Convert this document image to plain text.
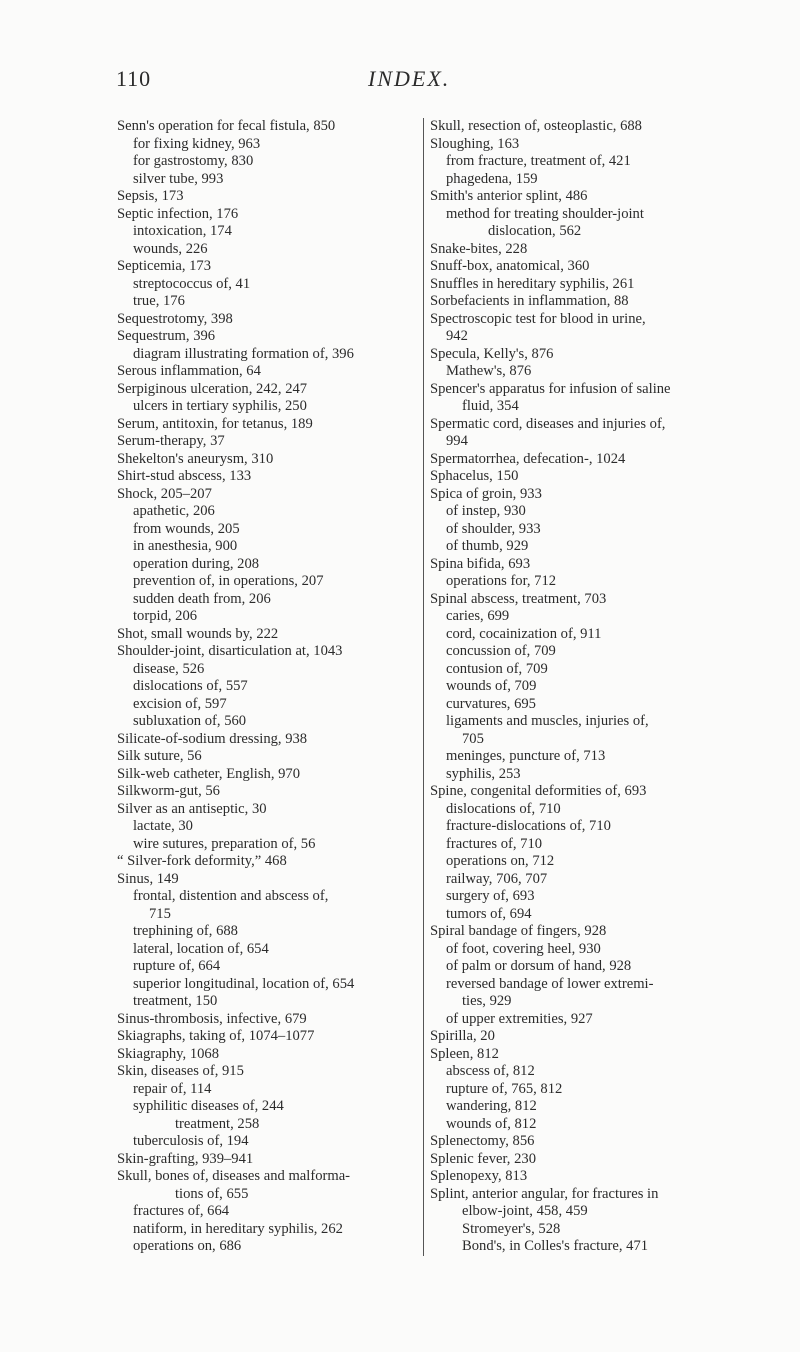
110	INDEX.
Senn's operation for fecal fistula, 850
for fixing kidney, 963
for gastrostomy, 830
silver tube, 993
Sepsis, 173
Septic infection, 176
intoxication, 174
wounds, 226
Septicemia, 173
streptococcus of, 41
true, 176
Sequestrotomy, 398
Sequestrum, 396
diagram illustrating formation of, 396
Serous inflammation, 64
Serpiginous ulceration, 242, 247
ulcers in tertiary syphilis, 250
Serum, antitoxin, for tetanus, 189
Serum-therapy, 37
Shekelton's aneurysm, 310
Shirt-stud abscess, 133
Shock, 205–207
apathetic, 206
from wounds, 205
in anesthesia, 900
operation during, 208
prevention of, in operations, 207
sudden death from, 206
torpid, 206
Shot, small wounds by, 222
Shoulder-joint, disarticulation at, 1043
disease, 526
dislocations of, 557
excision of, 597
subluxation of, 560
Silicate-of-sodium dressing, 938
Silk suture, 56
Silk-web catheter, English, 970
Silkworm-gut, 56
Silver as an antiseptic, 30
lactate, 30
wire sutures, preparation of, 56
“ Silver-fork deformity,” 468
Sinus, 149
frontal, distention and abscess of,
715
trephining of, 688
lateral, location of, 654
rupture of, 664
superior longitudinal, location of, 654
treatment, 150
Sinus-thrombosis, infective, 679
Skiagraphs, taking of, 1074–1077
Skiagraphy, 1068
Skin, diseases of, 915
repair of, 114
syphilitic diseases of, 244
treatment, 258
tuberculosis of, 194
Skin-grafting, 939–941
Skull, bones of, diseases and malforma-
tions of, 655
fractures of, 664
natiform, in hereditary syphilis, 262
operations on, 686
Skull, resection of, osteoplastic, 688
Sloughing, 163
from fracture, treatment of, 421
phagedena, 159
Smith's anterior splint, 486
method for treating shoulder-joint
dislocation, 562
Snake-bites, 228
Snuff-box, anatomical, 360
Snuffles in hereditary syphilis, 261
Sorbefacients in inflammation, 88
Spectroscopic test for blood in urine,
942
Specula, Kelly's, 876
Mathew's, 876
Spencer's apparatus for infusion of saline
fluid, 354
Spermatic cord, diseases and injuries of,
994
Spermatorrhea, defecation-, 1024
Sphacelus, 150
Spica of groin, 933
of instep, 930
of shoulder, 933
of thumb, 929
Spina bifida, 693
operations for, 712
Spinal abscess, treatment, 703
caries, 699
cord, cocainization of, 911
concussion of, 709
contusion of, 709
wounds of, 709
curvatures, 695
ligaments and muscles, injuries of,
705
meninges, puncture of, 713
syphilis, 253
Spine, congenital deformities of, 693
dislocations of, 710
fracture-dislocations of, 710
fractures of, 710
operations on, 712
railway, 706, 707
surgery of, 693
tumors of, 694
Spiral bandage of fingers, 928
of foot, covering heel, 930
of palm or dorsum of hand, 928
reversed bandage of lower extremi-
ties, 929
of upper extremities, 927
Spirilla, 20
Spleen, 812
abscess of, 812
rupture of, 765, 812
wandering, 812
wounds of, 812
Splenectomy, 856
Splenic fever, 230
Splenopexy, 813
Splint, anterior angular, for fractures in
elbow-joint, 458, 459
Stromeyer's, 528
Bond's, in Colles's fracture, 471
